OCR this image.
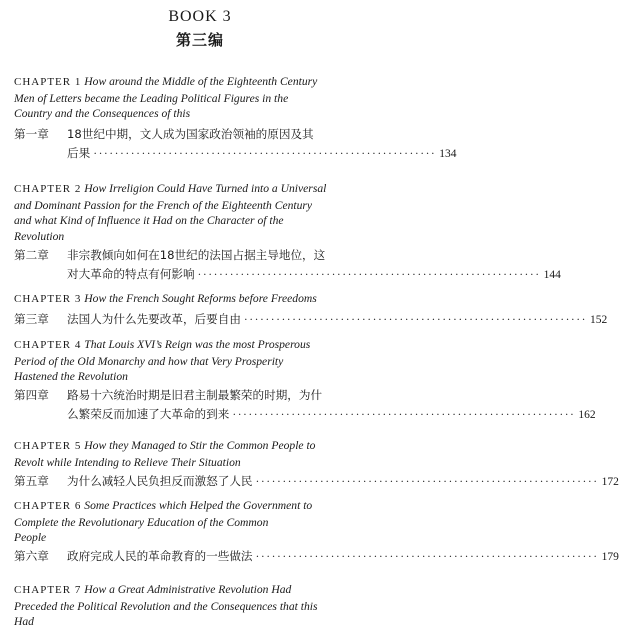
BOOK 3
第三编

CHAPTER 1 How around the Middle of the Eighteenth Century
Men of Letters became the Leading Political Figures in the
Country and the Consequences of this

第一章	18世纪中期，文人成为国家政治领袖的原因及其
后果 ·····	134

CHAPTER 2 How Irreligion Could Have Turned into a Universal
and Dominant Passion for the French of the Eighteenth Century
and what Kind of Influence it Had on the Character of the
Revolution

第二章	非宗教倾向如何在18世纪的法国占据主导地位，这
对大革命的特点有何影响 ·····	144

CHAPTER 3 How the French Sought Reforms before Freedoms

第三章	法国人为什么先要改革，后要自由 ·····	152

CHAPTER 4 That Louis XVI’s Reign was the most Prosperous
Period of the Old Monarchy and how that Very Prosperity
Hastened the Revolution

第四章	路易十六统治时期是旧君主制最繁荣的时期，为什
么繁荣反而加速了大革命的到来 ·····	162

CHAPTER 5 How they Managed to Stir the Common People to
Revolt while Intending to Relieve Their Situation

第五章	为什么减轻人民负担反而激怒了人民 ·····	172

CHAPTER 6 Some Practices which Helped the Government to
Complete the Revolutionary Education of the Common
People

第六章	政府完成人民的革命教育的一些做法 ·····	179

CHAPTER 7 How a Great Administrative Revolution Had
Preceded the Political Revolution and the Consequences that this
Had
